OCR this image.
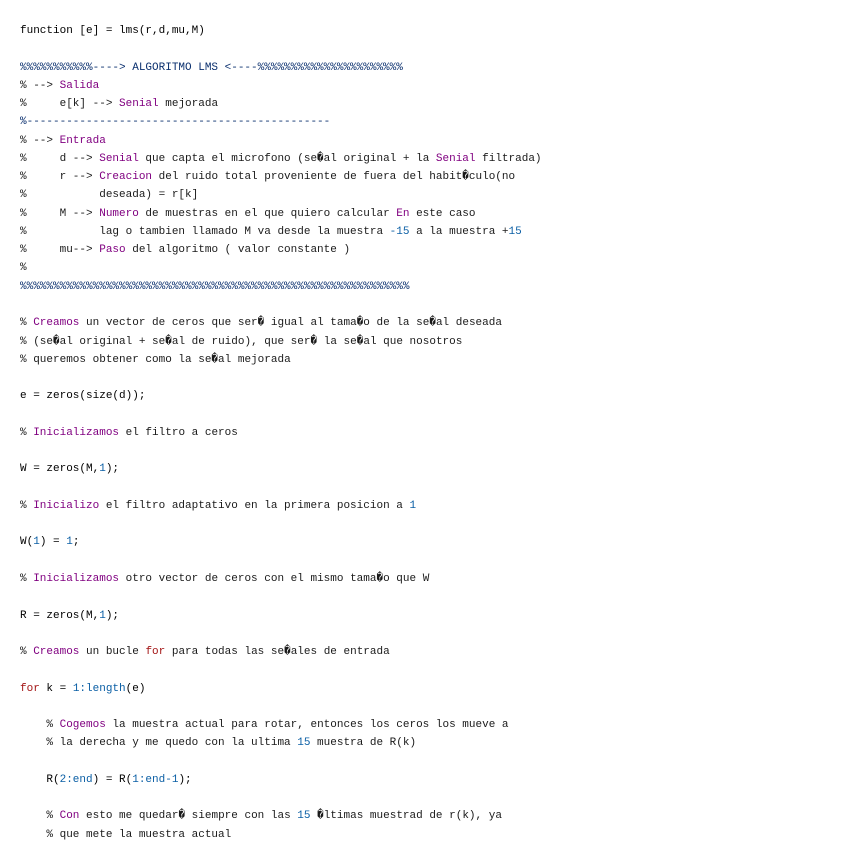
function [e] = lms(r,d,mu,M)
%%%%%%%%%%%----> ALGORITMO LMS <----%%%%%%%%%%%%%%%%%%%%%%
% --> Salida
%     e[k] --> Senial mejorada
%----------------------------------------------
% --> Entrada
%     d --> Senial que capta el microfono (se�al original + la Senial filtrada)
%     r --> Creacion del ruido total proveniente de fuera del habit�culo(no
%           deseada) = r[k]
%     M --> Numero de muestras en el que quiero calcular En este caso
%           lag o tambien llamado M va desde la muestra -15 a la muestra +15
%     mu--> Paso del algoritmo ( valor constante )
%
%%%%%%%%%%%%%%%%%%%%%%%%%%%%%%%%%%%%%%%%%%%%%%%%%%%%%%%%%%%
% Creamos un vector de ceros que ser� igual al tama�o de la se�al deseada
% (se�al original + se�al de ruido), que ser� la se�al que nosotros
% queremos obtener como la se�al mejorada
e = zeros(size(d));
% Inicializamos el filtro a ceros
W = zeros(M,1);
% Inicializo el filtro adaptativo en la primera posicion a 1
W(1) = 1;
% Inicializamos otro vector de ceros con el mismo tama�o que W
R = zeros(M,1);
% Creamos un bucle for para todas las se�ales de entrada
for k = 1:length(e)
% Cogemos la muestra actual para rotar, entonces los ceros los mueve a
% la derecha y me quedo con la ultima 15 muestra de R(k)
R(2:end) = R(1:end-1);
% Con esto me quedar� siempre con las 15 �ltimas muestrad de r(k), ya
% que mete la muestra actual
